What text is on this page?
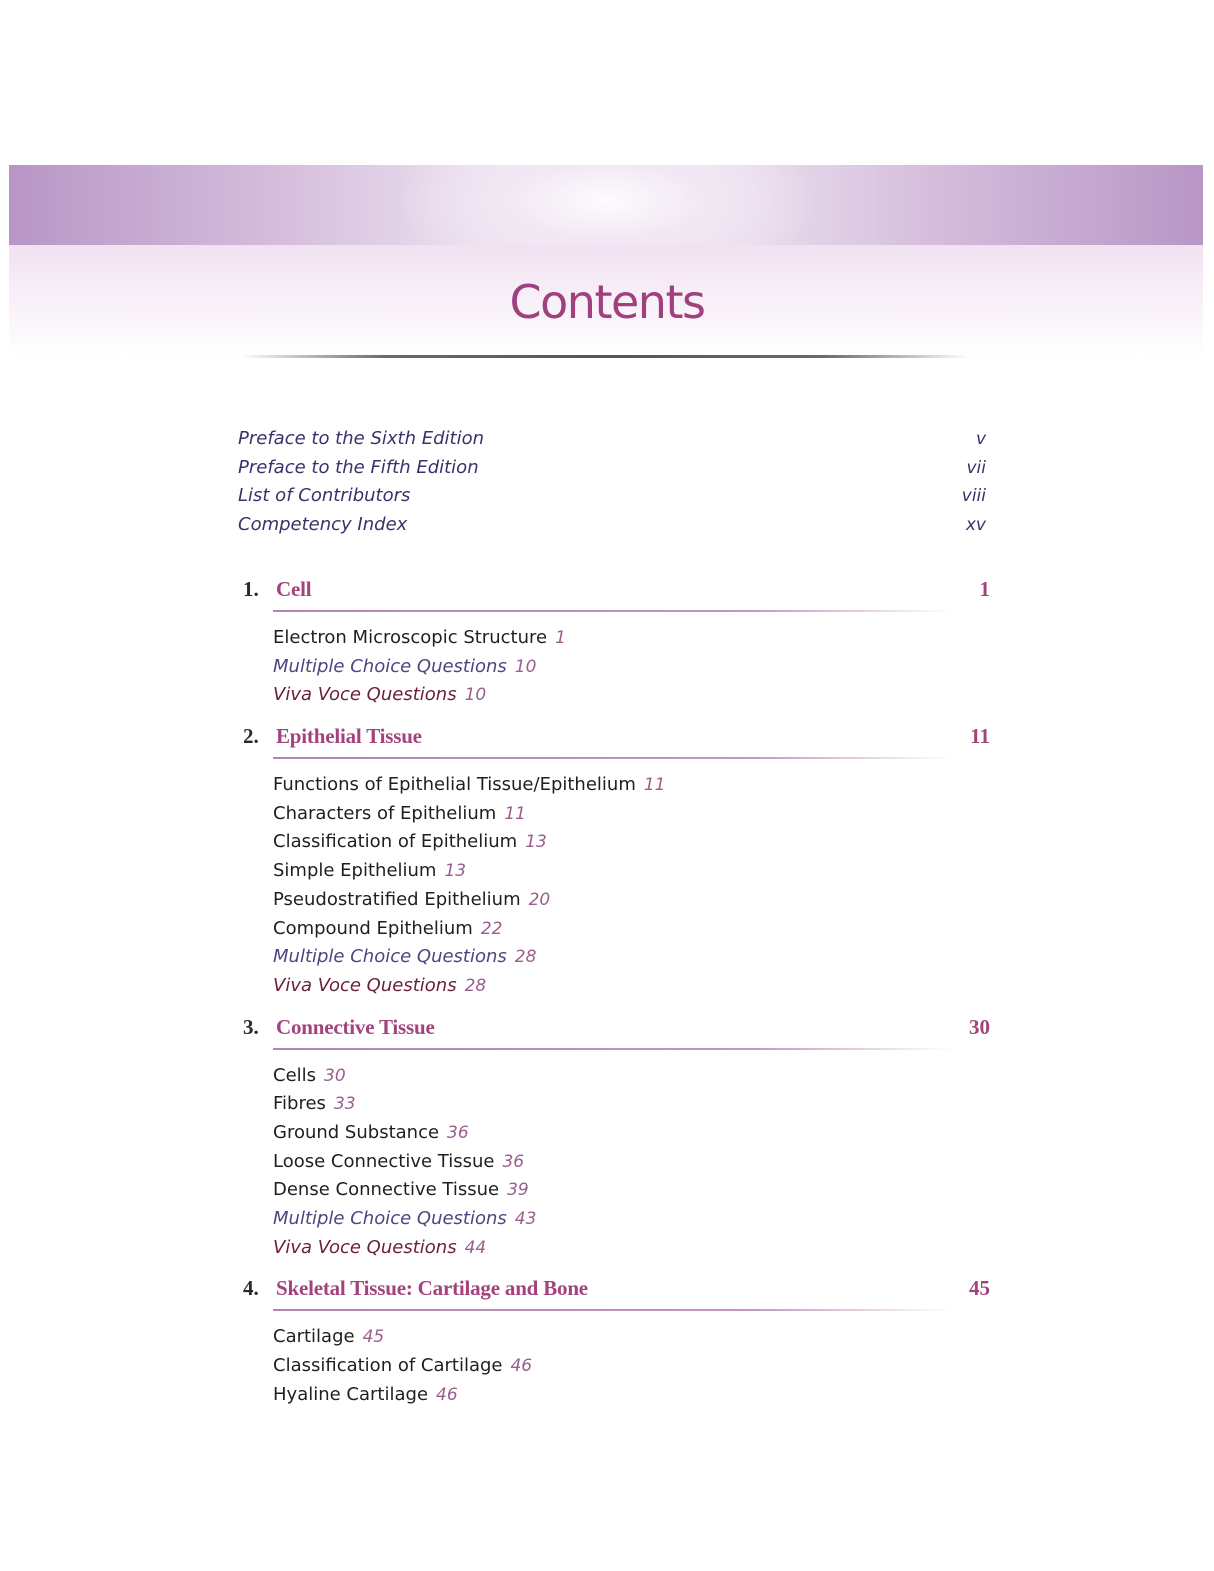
Contents
Preface to the Sixth Edition	v
Preface to the Fifth Edition	vii
List of Contributors	viii
Competency Index	xv
1. Cell	1
Electron Microscopic Structure 1
Multiple Choice Questions 10
Viva Voce Questions 10
2. Epithelial Tissue	11
Functions of Epithelial Tissue/Epithelium 11
Characters of Epithelium 11
Classification of Epithelium 13
Simple Epithelium 13
Pseudostratified Epithelium 20
Compound Epithelium 22
Multiple Choice Questions 28
Viva Voce Questions 28
3. Connective Tissue	30
Cells 30
Fibres 33
Ground Substance 36
Loose Connective Tissue 36
Dense Connective Tissue 39
Multiple Choice Questions 43
Viva Voce Questions 44
4. Skeletal Tissue: Cartilage and Bone	45
Cartilage 45
Classification of Cartilage 46
Hyaline Cartilage 46
